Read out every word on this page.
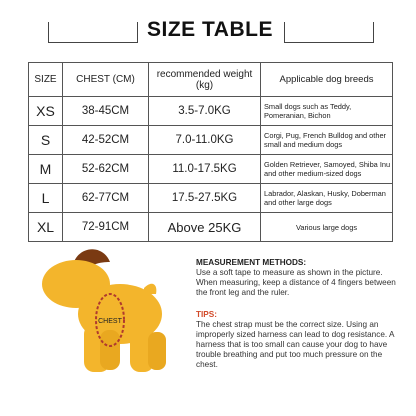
SIZE TABLE
SIZE	CHEST (CM)	recommended weight (kg)	Applicable dog breeds
XS	38-45CM	3.5-7.0KG	Small dogs such as Teddy, Pomeranian, Bichon
S	42-52CM	7.0-11.0KG	Corgi, Pug, French Bulldog and other small and medium dogs
M	52-62CM	11.0-17.5KG	Golden Retriever, Samoyed, Shiba Inu and other medium-sized dogs
L	62-77CM	17.5-27.5KG	Labrador, Alaskan, Husky, Doberman and other large dogs
XL	72-91CM	Above 25KG	Various large dogs
CHEST

MEASUREMENT METHODS:

Use a soft tape to measure as shown in the picture. When measuring, keep a distance of 4 fingers between the front leg and the ruler.

TIPS:

The chest strap must be the correct size. Using an improperly sized harness can lead to dog resistance. A harness that is too small can cause your dog to have trouble breathing and put too much pressure on the chest.
